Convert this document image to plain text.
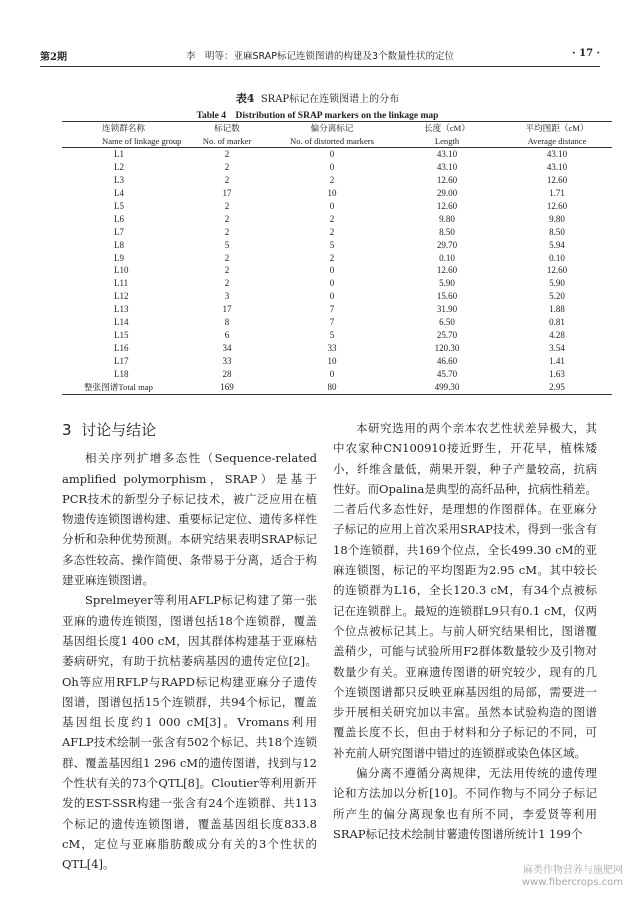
第2期	李　明等：亚麻SRAP标记连锁图谱的构建及3个数量性状的定位	· 17 ·
表4 SRAP标记在连锁图谱上的分布
Table 4　Distribution of SRAP markers on the linkage map
连锁群名称	标记数	偏分离标记	长度（cM）	平均图距（cM）
Name of linkage group	No. of marker	No. of distorted markers	Length	Average distance
L1	2	0	43.10	43.10
L2	2	0	43.10	43.10
L3	2	2	12.60	12.60
L4	17	10	29.00	1.71
L5	2	0	12.60	12.60
L6	2	2	9.80	9.80
L7	2	2	8.50	8.50
L8	5	5	29.70	5.94
L9	2	2	0.10	0.10
L10	2	0	12.60	12.60
L11	2	0	5.90	5.90
L12	3	0	15.60	5.20
L13	17	7	31.90	1.88
L14	8	7	6.50	0.81
L15	6	5	25.70	4.28
L16	34	33	120.30	3.54
L17	33	10	46.60	1.41
L18	28	0	45.70	1.63
整张图谱Total map	169	80	499.30	2.95
3 讨论与结论

相关序列扩增多态性（Sequence-related amplified polymorphism，SRAP）是基于PCR技术的新型分子标记技术，被广泛应用在植物遗传连锁图谱构建、重要标记定位、遗传多样性分析和杂种优势预测。本研究结果表明SRAP标记多态性较高、操作简便、条带易于分离，适合于构建亚麻连锁图谱。

Sprelmeyer等利用AFLP标记构建了第一张亚麻的遗传连锁图，图谱包括18个连锁群，覆盖基因组长度1 400 cM，因其群体构建基于亚麻枯萎病研究，有助于抗枯萎病基因的遗传定位[2]。Oh等应用RFLP与RAPD标记构建亚麻分子遗传图谱，图谱包括15个连锁群，共94个标记，覆盖基因组长度约1 000 cM[3]。Vromans利用AFLP技术绘制一张含有502个标记、共18个连锁群、覆盖基因组1 296 cM的遗传图谱，找到与12个性状有关的73个QTL[8]。Cloutier等利用新开发的EST-SSR构建一张含有24个连锁群、共113个标记的遗传连锁图谱，覆盖基因组长度833.8 cM，定位与亚麻脂肪酸成分有关的3个性状的QTL[4]。

本研究选用的两个亲本农艺性状差异极大，其中农家种CN100910接近野生，开花早，植株矮小，纤维含量低，蒴果开裂，种子产量较高，抗病性好。而Opalina是典型的高纤品种，抗病性稍差。二者后代多态性好，是理想的作图群体。在亚麻分子标记的应用上首次采用SRAP技术，得到一张含有18个连锁群，共169个位点，全长499.30 cM的亚麻连锁图，标记的平均图距为2.95 cM。其中较长的连锁群为L16，全长120.3 cM，有34个点被标记在连锁群上。最短的连锁群L9只有0.1 cM，仅两个位点被标记其上。与前人研究结果相比，图谱覆盖稍少，可能与试验所用F2群体数量较少及引物对数量少有关。亚麻遗传图谱的研究较少，现有的几个连锁图谱都只反映亚麻基因组的局部，需要进一步开展相关研究加以丰富。虽然本试验构造的图谱覆盖长度不长，但由于材料和分子标记的不同，可补充前人研究图谱中错过的连锁群或染色体区域。

偏分离不遵循分离规律，无法用传统的遗传理论和方法加以分析[10]。不同作物与不同分子标记所产生的偏分离现象也有所不同，李爱贤等利用SRAP标记技术绘制甘薯遗传图谱所统计1 199个

麻类作物营养与施肥网
www.fibercrops.com
